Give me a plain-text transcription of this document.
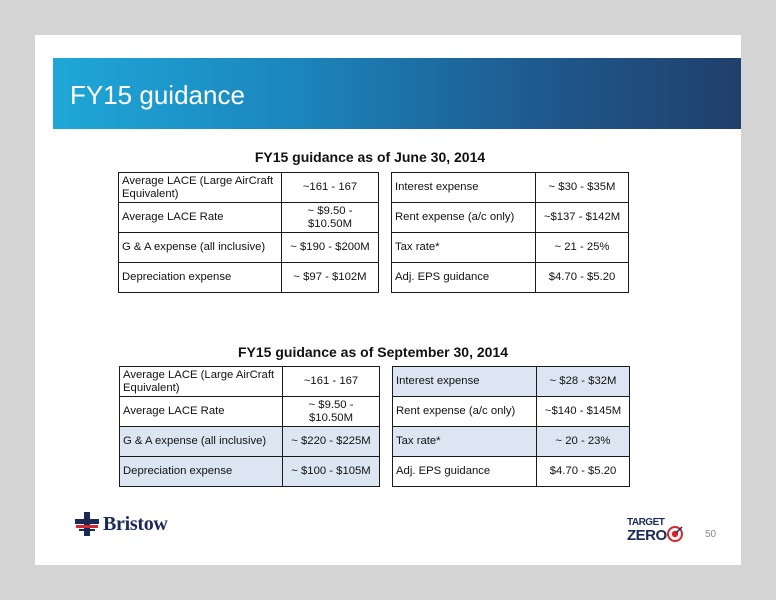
FY15 guidance
FY15 guidance as of June 30, 2014
Average LACE (Large AirCraft Equivalent)	~161 - 167		Interest expense	~ $30 - $35M
Average LACE Rate	~ $9.50 - $10.50M		Rent expense (a/c only)	~$137 - $142M
G & A expense (all inclusive)	~ $190 - $200M		Tax rate*	~ 21 - 25%
Depreciation expense	~ $97 - $102M		Adj. EPS guidance	$4.70 - $5.20
FY15 guidance as of September 30, 2014
Average LACE (Large AirCraft Equivalent)	~161 - 167		Interest expense	~ $28 - $32M
Average LACE Rate	~ $9.50 - $10.50M		Rent expense (a/c only)	~$140 - $145M
G & A expense (all inclusive)	~ $220 - $225M		Tax rate*	~ 20 - 23%
Depreciation expense	~ $100 - $105M		Adj. EPS guidance	$4.70 - $5.20
Bristow	TARGET
ZERO	50
